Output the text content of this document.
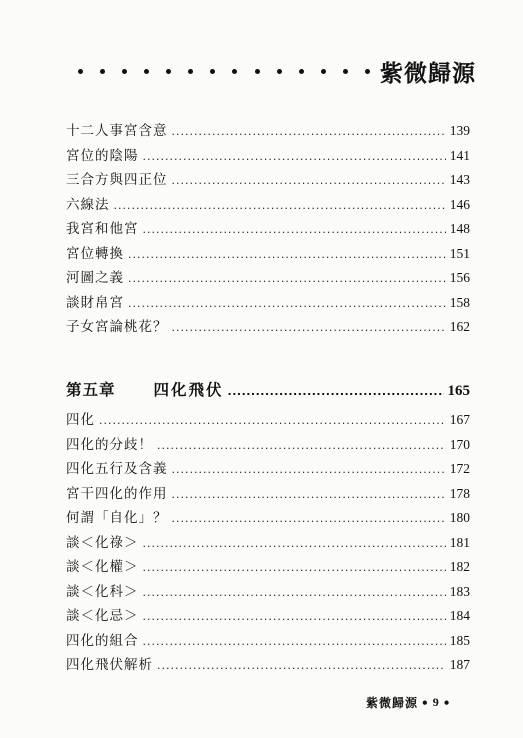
紫微歸源
十二人事宮含意 .....	139
宮位的陰陽 .....	141
三合方與四正位 .....	143
六線法 .....	146
我宮和他宮 .....	148
宮位轉換 .....	151
河圖之義 .....	156
談財帛宮 .....	158
子女宮論桃花？ .....	162
第五章 四化飛伏 .....	165
四化 .....	167
四化的分歧！ .....	170
四化五行及含義 .....	172
宮干四化的作用 .....	178
何謂「自化」？ .....	180
談＜化祿＞ .....	181
談＜化權＞ .....	182
談＜化科＞ .....	183
談＜化忌＞ .....	184
四化的組合 .....	185
四化飛伏解析 .....	187
紫微歸源 • 9 •
